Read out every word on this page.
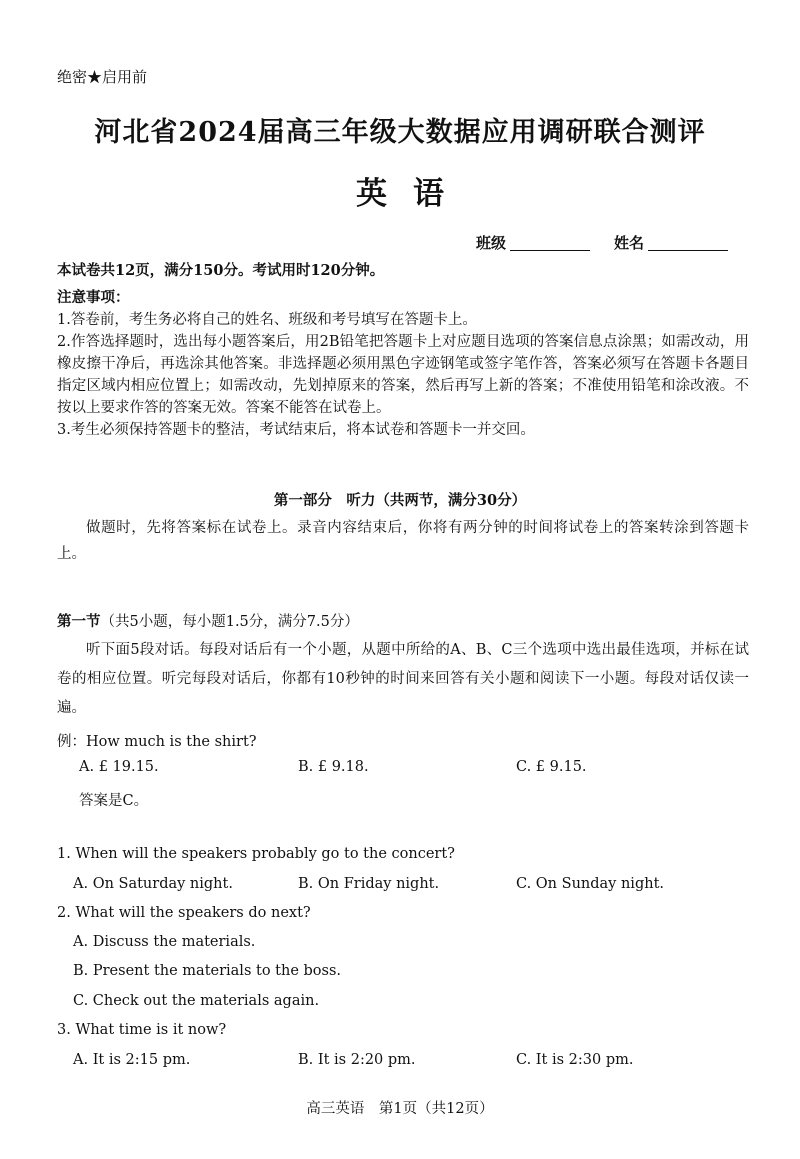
绝密★启用前
河北省2024届高三年级大数据应用调研联合测评
英语
班级	姓名
本试卷共12页，满分150分。考试用时120分钟。
注意事项：

1.答卷前，考生务必将自己的姓名、班级和考号填写在答题卡上。

2.作答选择题时，选出每小题答案后，用2B铅笔把答题卡上对应题目选项的答案信息点涂黑；如需改动，用橡皮擦干净后，再选涂其他答案。非选择题必须用黑色字迹钢笔或签字笔作答，答案必须写在答题卡各题目指定区域内相应位置上；如需改动，先划掉原来的答案，然后再写上新的答案；不准使用铅笔和涂改液。不按以上要求作答的答案无效。答案不能答在试卷上。

3.考生必须保持答题卡的整洁，考试结束后，将本试卷和答题卡一并交回。

第一部分　听力（共两节，满分30分）

做题时，先将答案标在试卷上。录音内容结束后，你将有两分钟的时间将试卷上的答案转涂到答题卡上。

第一节（共5小题，每小题1.5分，满分7.5分）

听下面5段对话。每段对话后有一个小题，从题中所给的A、B、C三个选项中选出最佳选项，并标在试卷的相应位置。听完每段对话后，你都有10秒钟的时间来回答有关小题和阅读下一小题。每段对话仅读一遍。

例：How much is the shirt?
A. £ 19.15.	B. £ 9.18.	C. £ 9.15.
答案是C。
1. When will the speakers probably go to the concert?
A. On Saturday night.	B. On Friday night.	C. On Sunday night.
2. What will the speakers do next?
A. Discuss the materials.
B. Present the materials to the boss.
C. Check out the materials again.
3. What time is it now?
A. It is 2:15 pm.	B. It is 2:20 pm.	C. It is 2:30 pm.
高三英语　第1页（共12页）
